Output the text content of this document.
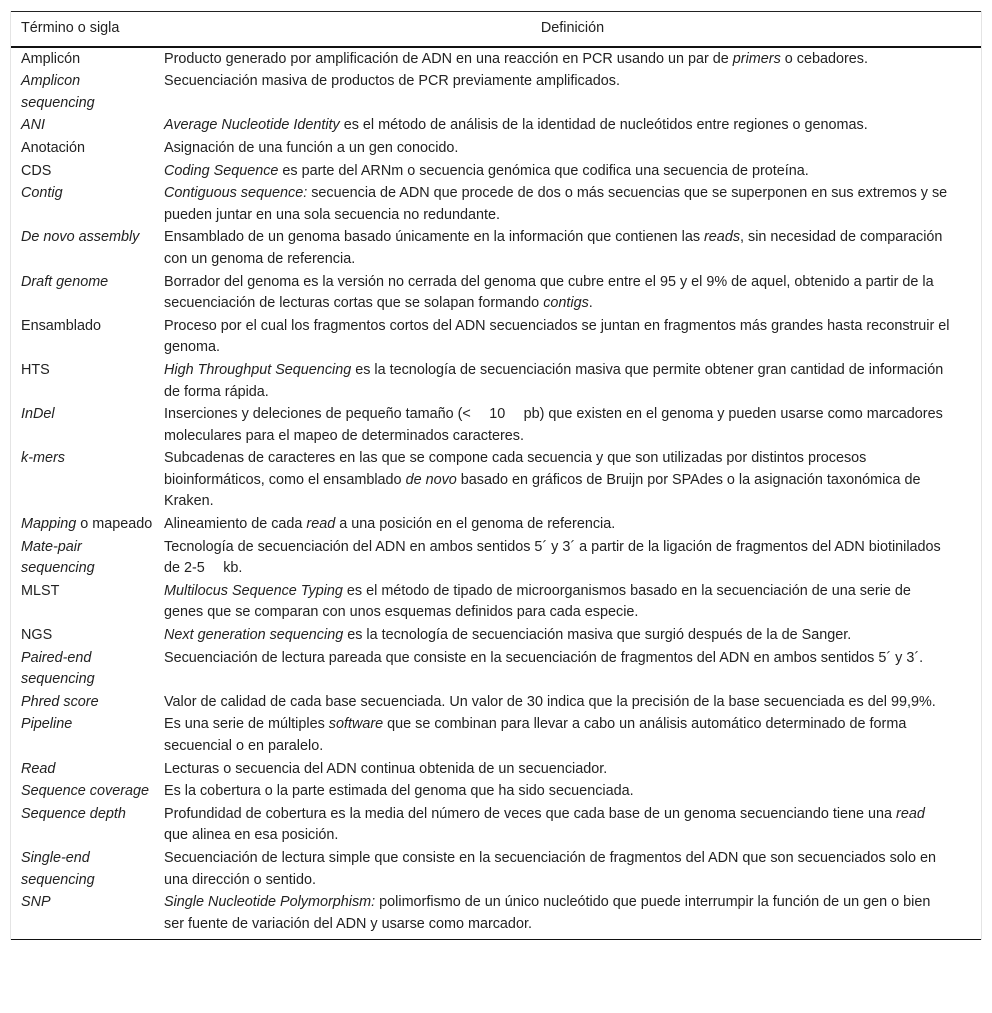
Término o sigla	Definición
Amplicón	Producto generado por amplificación de ADN en una reacción en PCR usando un par de primers o cebadores.
Amplicon sequencing	Secuenciación masiva de productos de PCR previamente amplificados.
ANI	Average Nucleotide Identity es el método de análisis de la identidad de nucleótidos entre regiones o genomas.
Anotación	Asignación de una función a un gen conocido.
CDS	Coding Sequence es parte del ARNm o secuencia genómica que codifica una secuencia de proteína.
Contig	Contiguous sequence: secuencia de ADN que procede de dos o más secuencias que se superponen en sus extremos y se pueden juntar en una sola secuencia no redundante.
De novo assembly	Ensamblado de un genoma basado únicamente en la información que contienen las reads, sin necesidad de comparación con un genoma de referencia.
Draft genome	Borrador del genoma es la versión no cerrada del genoma que cubre entre el 95 y el 9% de aquel, obtenido a partir de la secuenciación de lecturas cortas que se solapan formando contigs.
Ensamblado	Proceso por el cual los fragmentos cortos del ADN secuenciados se juntan en fragmentos más grandes hasta reconstruir el genoma.
HTS	High Throughput Sequencing es la tecnología de secuenciación masiva que permite obtener gran cantidad de información de forma rápida.
InDel	Inserciones y deleciones de pequeño tamaño (<  10  pb) que existen en el genoma y pueden usarse como marcadores moleculares para el mapeo de determinados caracteres.
k-mers	Subcadenas de caracteres en las que se compone cada secuencia y que son utilizadas por distintos procesos bioinformáticos, como el ensamblado de novo basado en gráficos de Bruijn por SPAdes o la asignación taxonómica de Kraken.
Mapping o mapeado	Alineamiento de cada read a una posición en el genoma de referencia.
Mate-pair sequencing	Tecnología de secuenciación del ADN en ambos sentidos 5´ y 3´ a partir de la ligación de fragmentos del ADN biotinilados de 2-5  kb.
MLST	Multilocus Sequence Typing es el método de tipado de microorganismos basado en la secuenciación de una serie de genes que se comparan con unos esquemas definidos para cada especie.
NGS	Next generation sequencing es la tecnología de secuenciación masiva que surgió después de la de Sanger.
Paired-end sequencing	Secuenciación de lectura pareada que consiste en la secuenciación de fragmentos del ADN en ambos sentidos 5´ y 3´.
Phred score	Valor de calidad de cada base secuenciada. Un valor de 30 indica que la precisión de la base secuenciada es del 99,9%.
Pipeline	Es una serie de múltiples software que se combinan para llevar a cabo un análisis automático determinado de forma secuencial o en paralelo.
Read	Lecturas o secuencia del ADN continua obtenida de un secuenciador.
Sequence coverage	Es la cobertura o la parte estimada del genoma que ha sido secuenciada.
Sequence depth	Profundidad de cobertura es la media del número de veces que cada base de un genoma secuenciando tiene una read que alinea en esa posición.
Single-end sequencing	Secuenciación de lectura simple que consiste en la secuenciación de fragmentos del ADN que son secuenciados solo en una dirección o sentido.
SNP	Single Nucleotide Polymorphism: polimorfismo de un único nucleótido que puede interrumpir la función de un gen o bien ser fuente de variación del ADN y usarse como marcador.
